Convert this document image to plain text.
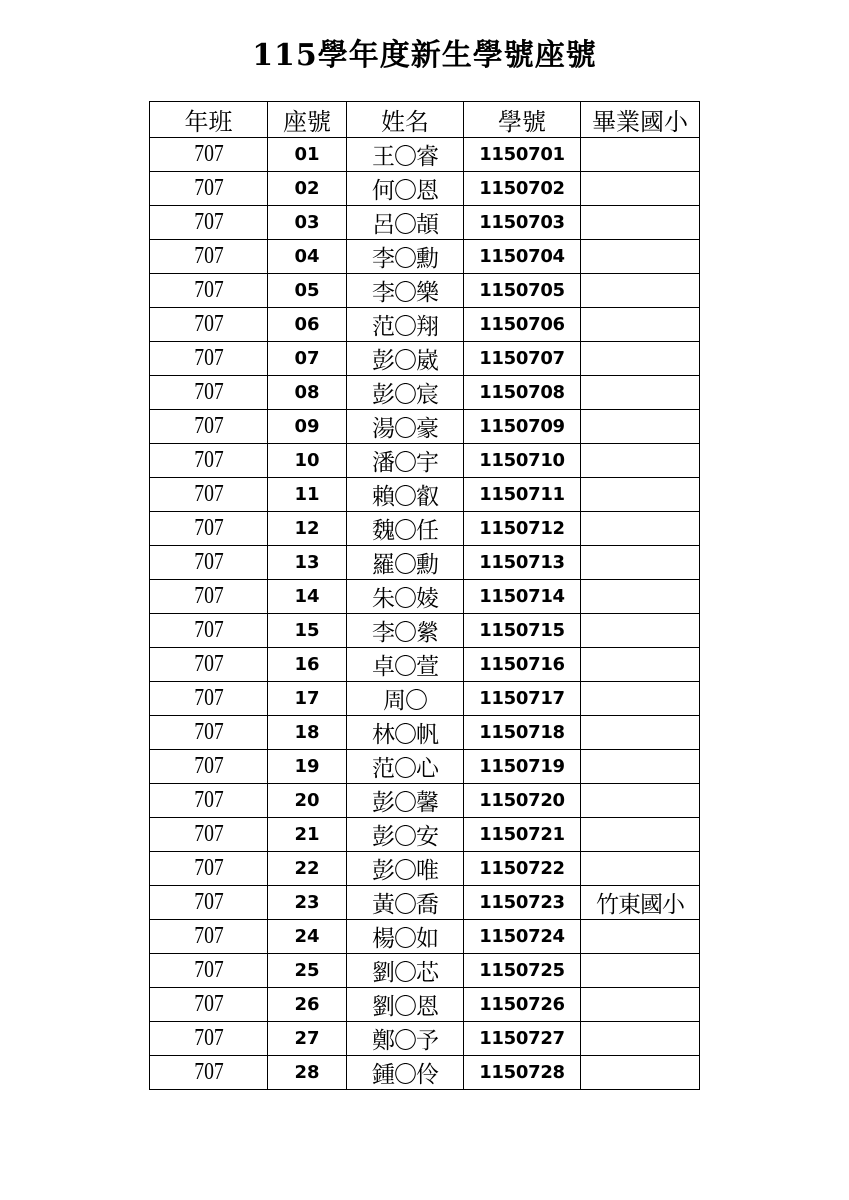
115學年度新生學號座號
年班	座號	姓名	學號	畢業國小
707	01	王〇睿	1150701	
707	02	何〇恩	1150702	
707	03	呂〇頡	1150703	
707	04	李〇勳	1150704	
707	05	李〇樂	1150705	
707	06	范〇翔	1150706	
707	07	彭〇崴	1150707	
707	08	彭〇宸	1150708	
707	09	湯〇豪	1150709	
707	10	潘〇宇	1150710	
707	11	賴〇叡	1150711	
707	12	魏〇任	1150712	
707	13	羅〇勳	1150713	
707	14	朱〇婈	1150714	
707	15	李〇縈	1150715	
707	16	卓〇萱	1150716	
707	17	周〇	1150717	
707	18	林〇帆	1150718	
707	19	范〇心	1150719	
707	20	彭〇馨	1150720	
707	21	彭〇安	1150721	
707	22	彭〇唯	1150722	
707	23	黃〇喬	1150723	竹東國小
707	24	楊〇如	1150724	
707	25	劉〇芯	1150725	
707	26	劉〇恩	1150726	
707	27	鄭〇予	1150727	
707	28	鍾〇伶	1150728	
